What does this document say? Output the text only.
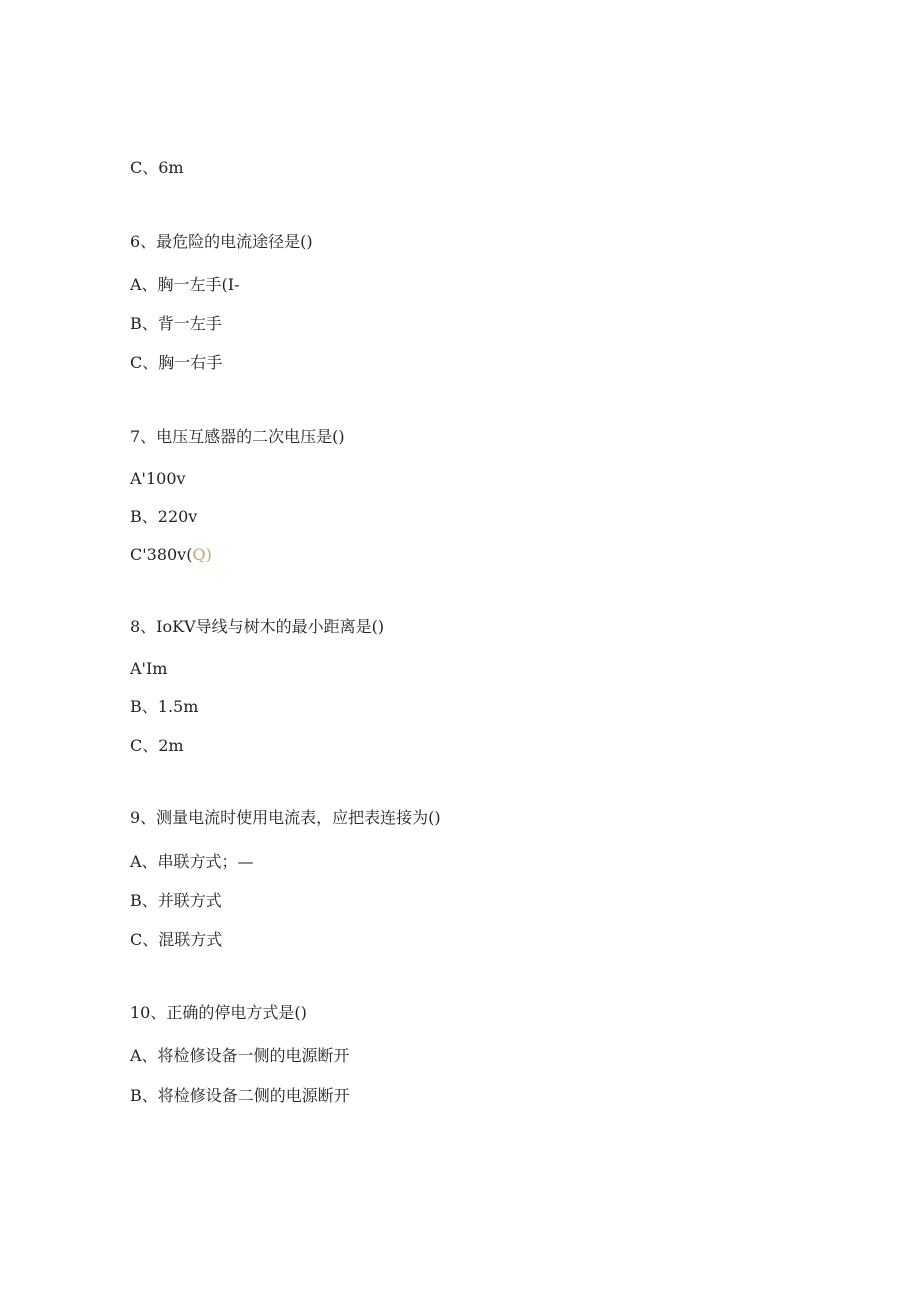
C、6m
6、最危险的电流途径是()
A、胸一左手(I-
B、背一左手
C、胸一右手
7、电压互感器的二次电压是()
A'100v
B、220v
C'380v(Q)
8、IoKV导线与树木的最小距离是()
A'Im
B、1.5m
C、2m
9、测量电流时使用电流表，应把表连接为()
A、串联方式；—
B、并联方式
C、混联方式
10、正确的停电方式是()
A、将检修设备一侧的电源断开
B、将检修设备二侧的电源断开
